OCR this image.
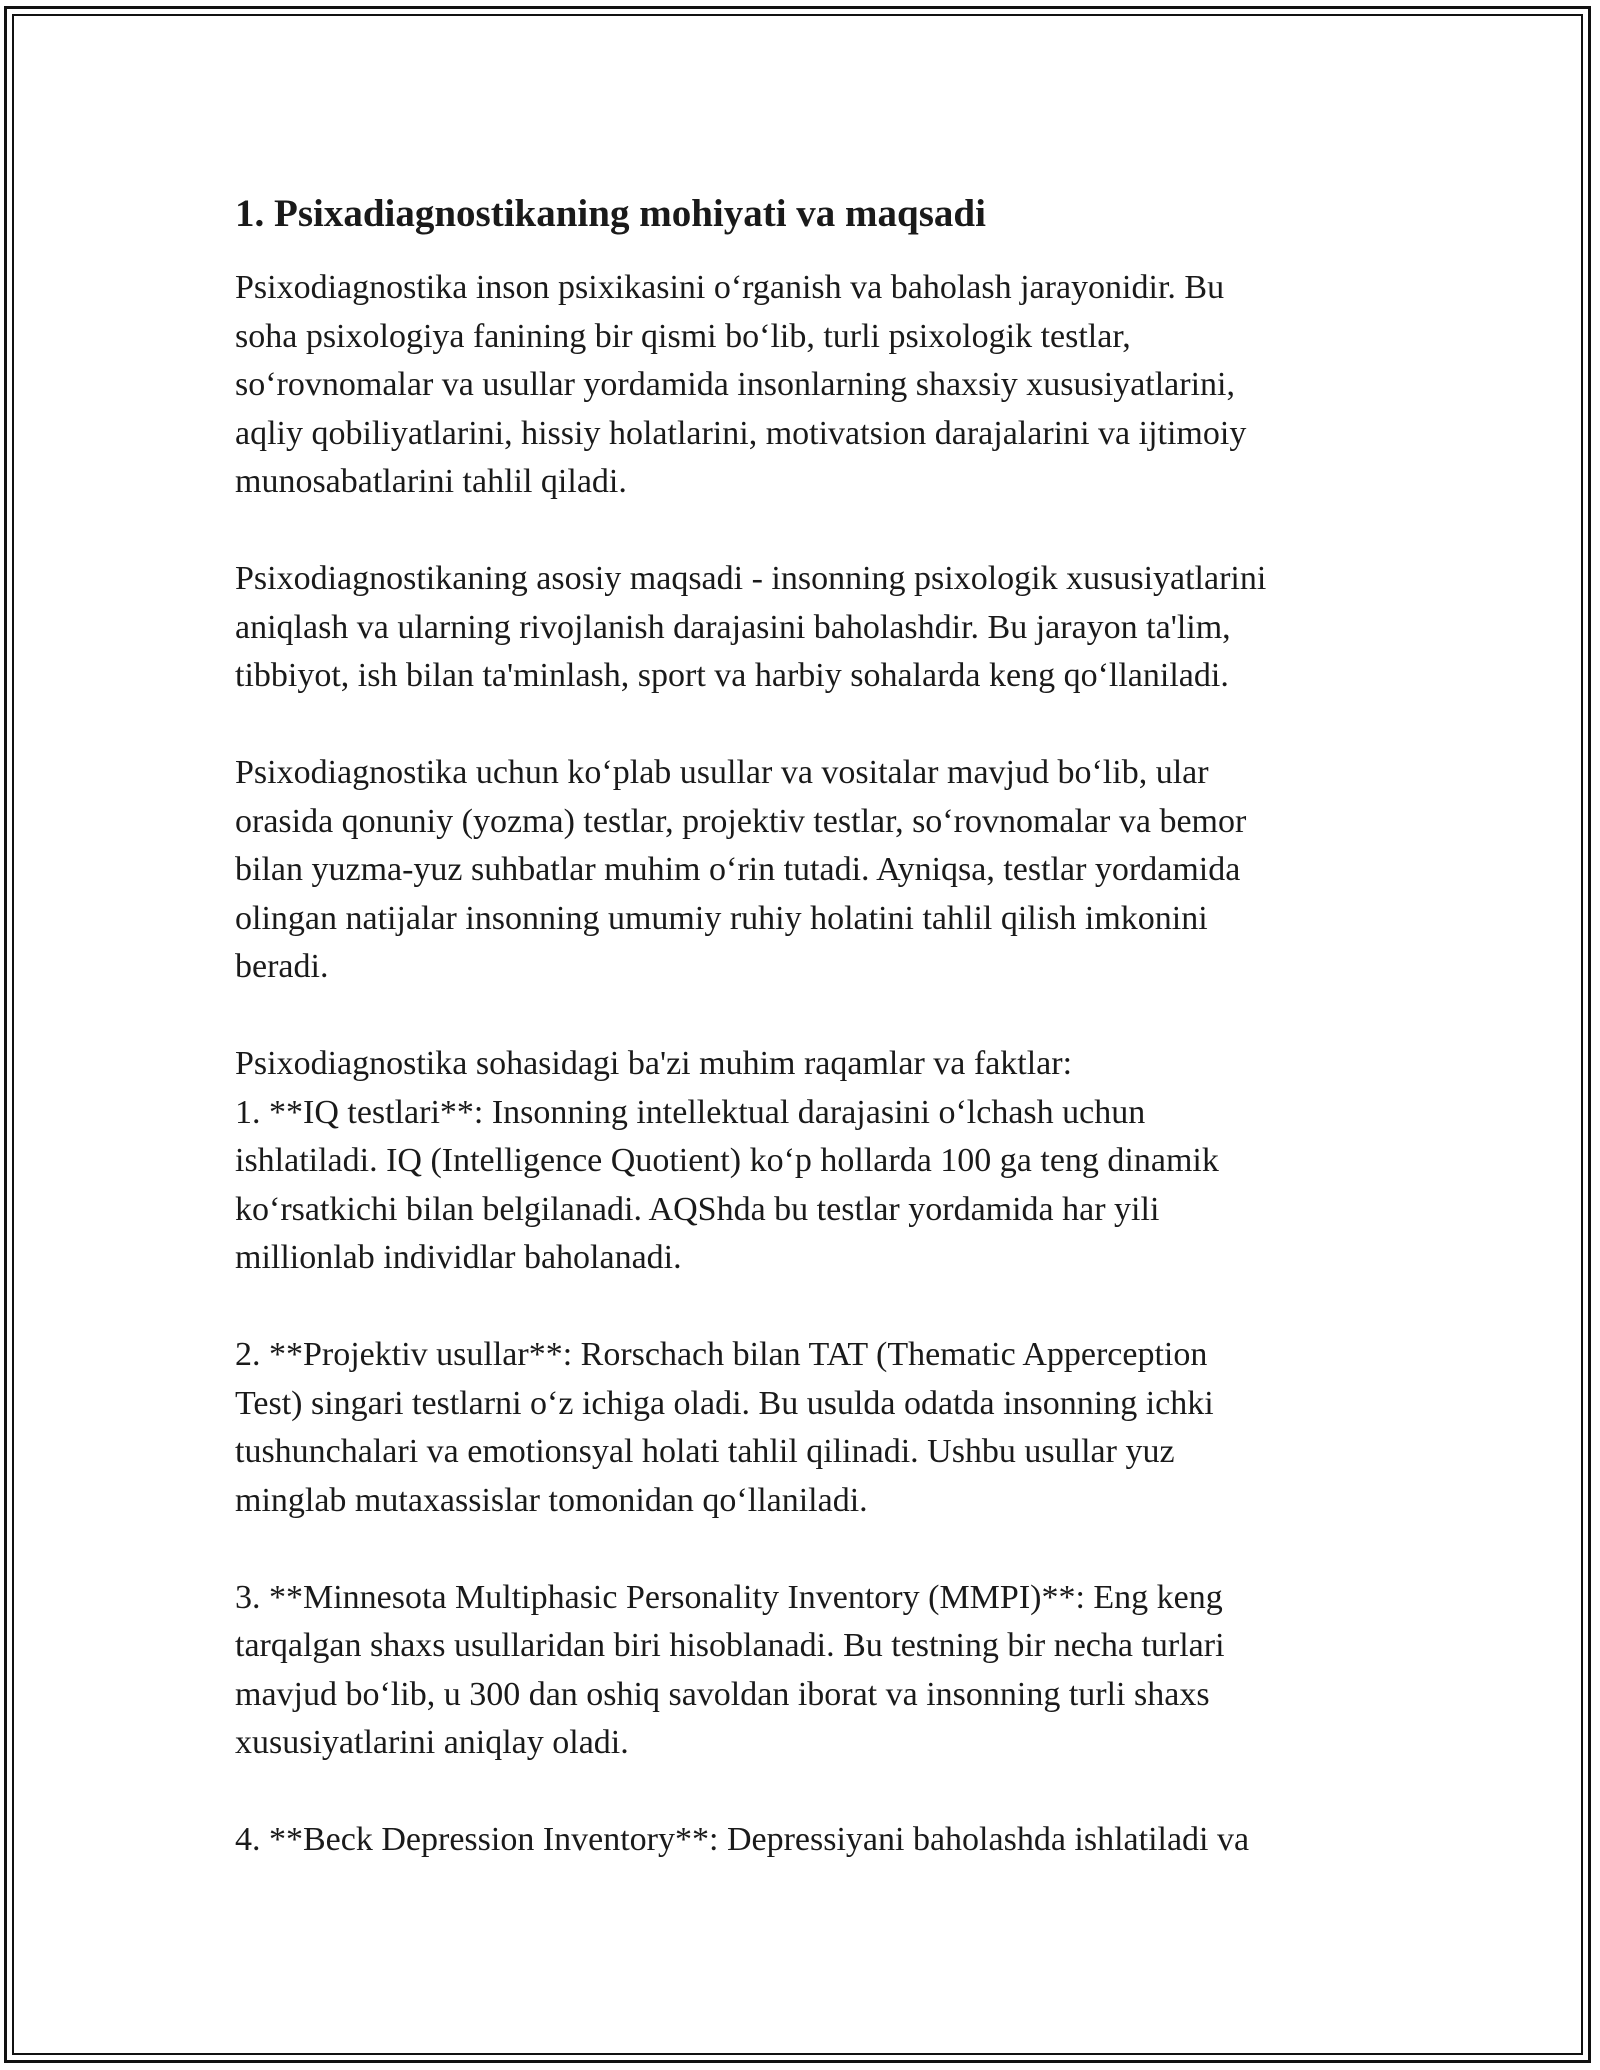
1. Psixadiagnostikaning mohiyati va maqsadi
Psixodiagnostika inson psixikasini o‘rganish va baholash jarayonidir. Bu
soha psixologiya fanining bir qismi bo‘lib, turli psixologik testlar,
so‘rovnomalar va usullar yordamida insonlarning shaxsiy xususiyatlarini,
aqliy qobiliyatlarini, hissiy holatlarini, motivatsion darajalarini va ijtimoiy
munosabatlarini tahlil qiladi.
Psixodiagnostikaning asosiy maqsadi - insonning psixologik xususiyatlarini
aniqlash va ularning rivojlanish darajasini baholashdir. Bu jarayon ta'lim,
tibbiyot, ish bilan ta'minlash, sport va harbiy sohalarda keng qo‘llaniladi.
Psixodiagnostika uchun ko‘plab usullar va vositalar mavjud bo‘lib, ular
orasida qonuniy (yozma) testlar, projektiv testlar, so‘rovnomalar va bemor
bilan yuzma-yuz suhbatlar muhim o‘rin tutadi. Ayniqsa, testlar yordamida
olingan natijalar insonning umumiy ruhiy holatini tahlil qilish imkonini
beradi.
Psixodiagnostika sohasidagi ba'zi muhim raqamlar va faktlar:
1. **IQ testlari**: Insonning intellektual darajasini o‘lchash uchun
ishlatiladi. IQ (Intelligence Quotient) ko‘p hollarda 100 ga teng dinamik
ko‘rsatkichi bilan belgilanadi. AQShda bu testlar yordamida har yili
millionlab individlar baholanadi.
2. **Projektiv usullar**: Rorschach bilan TAT (Thematic Apperception
Test) singari testlarni o‘z ichiga oladi. Bu usulda odatda insonning ichki
tushunchalari va emotionsyal holati tahlil qilinadi. Ushbu usullar yuz
minglab mutaxassislar tomonidan qo‘llaniladi.
3. **Minnesota Multiphasic Personality Inventory (MMPI)**: Eng keng
tarqalgan shaxs usullaridan biri hisoblanadi. Bu testning bir necha turlari
mavjud bo‘lib, u 300 dan oshiq savoldan iborat va insonning turli shaxs
xususiyatlarini aniqlay oladi.
4. **Beck Depression Inventory**: Depressiyani baholashda ishlatiladi va
